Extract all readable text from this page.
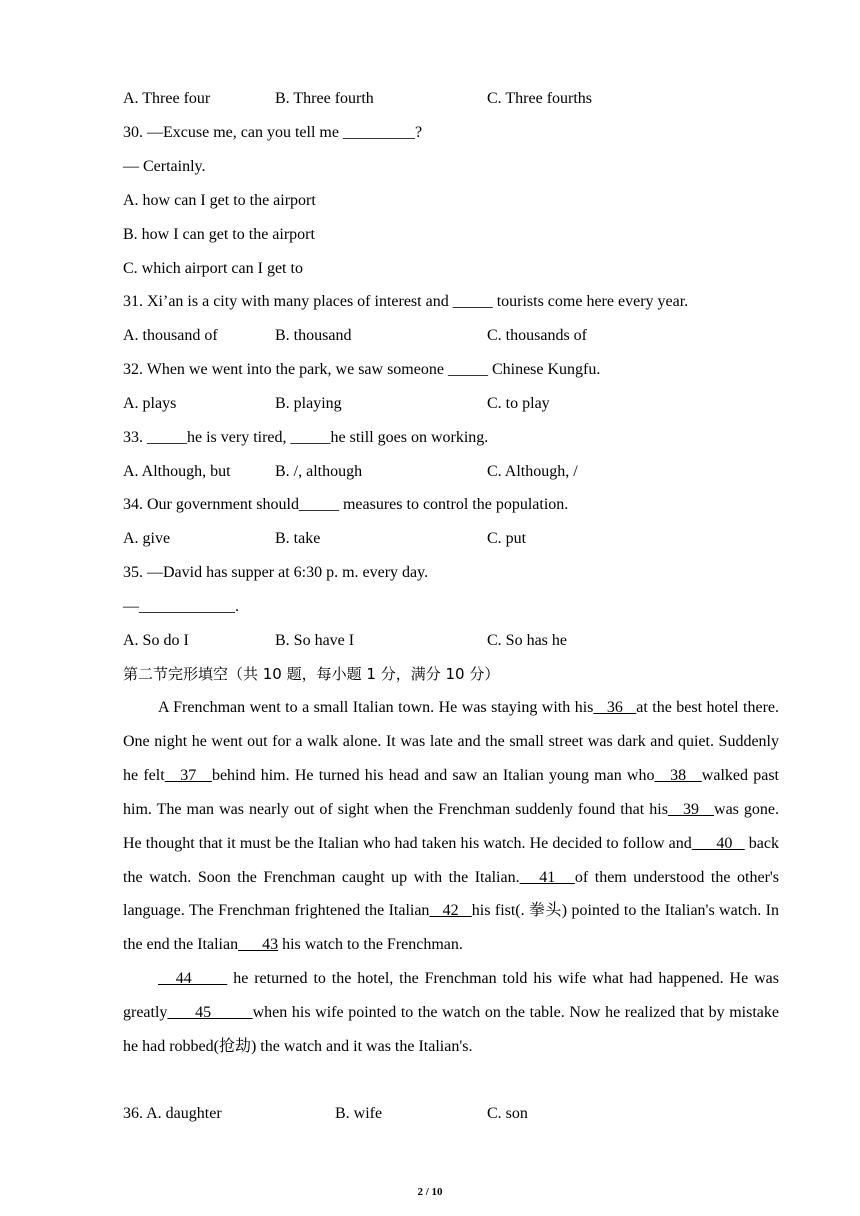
A. Three four	B. Three fourth	C. Three fourths
30. —Excuse me, can you tell me _________?
— Certainly.
A. how can I get to the airport
B. how I can get to the airport
C. which airport can I get to
31. Xi’an is a city with many places of interest and _____ tourists come here every year.
A. thousand of	B. thousand	C. thousands of
32. When we went into the park, we saw someone _____ Chinese Kungfu.
A. plays	B. playing	C. to play
33. _____he is very tired, _____he still goes on working.
A. Although, but	B. /, although	C. Although, /
34. Our government should_____ measures to control the population.
A. give	B. take	C. put
35. —David has supper at 6:30 p. m. every day.
—____________.
A. So do I	B. So have I	C. So has he
第二节完形填空（共 10 题，每小题 1 分，满分 10 分）

A Frenchman went to a small Italian town. He was staying with his   36   at the best hotel there. One night he went out for a walk alone. It was late and the small street was dark and quiet. Suddenly he felt   37   behind him. He turned his head and saw an Italian young man who   38   walked past him. The man was nearly out of sight when the Frenchman suddenly found that his   39   was gone. He thought that it must be the Italian who had taken his watch. He decided to follow and      40    back the watch. Soon the Frenchman caught up with the Italian.   41   of them understood the other's language. The Frenchman frightened the Italian   42   his fist(. 拳头) pointed to the Italian's watch. In the end the Italian      43 his watch to the Frenchman.

44       he returned to the hotel, the Frenchman told his wife what had happened. He was greatly      45         when his wife pointed to the watch on the table. Now he realized that by mistake he had robbed(抢劫) the watch and it was the Italian's.

36. A. daughter	B. wife	C. son
2 / 10
